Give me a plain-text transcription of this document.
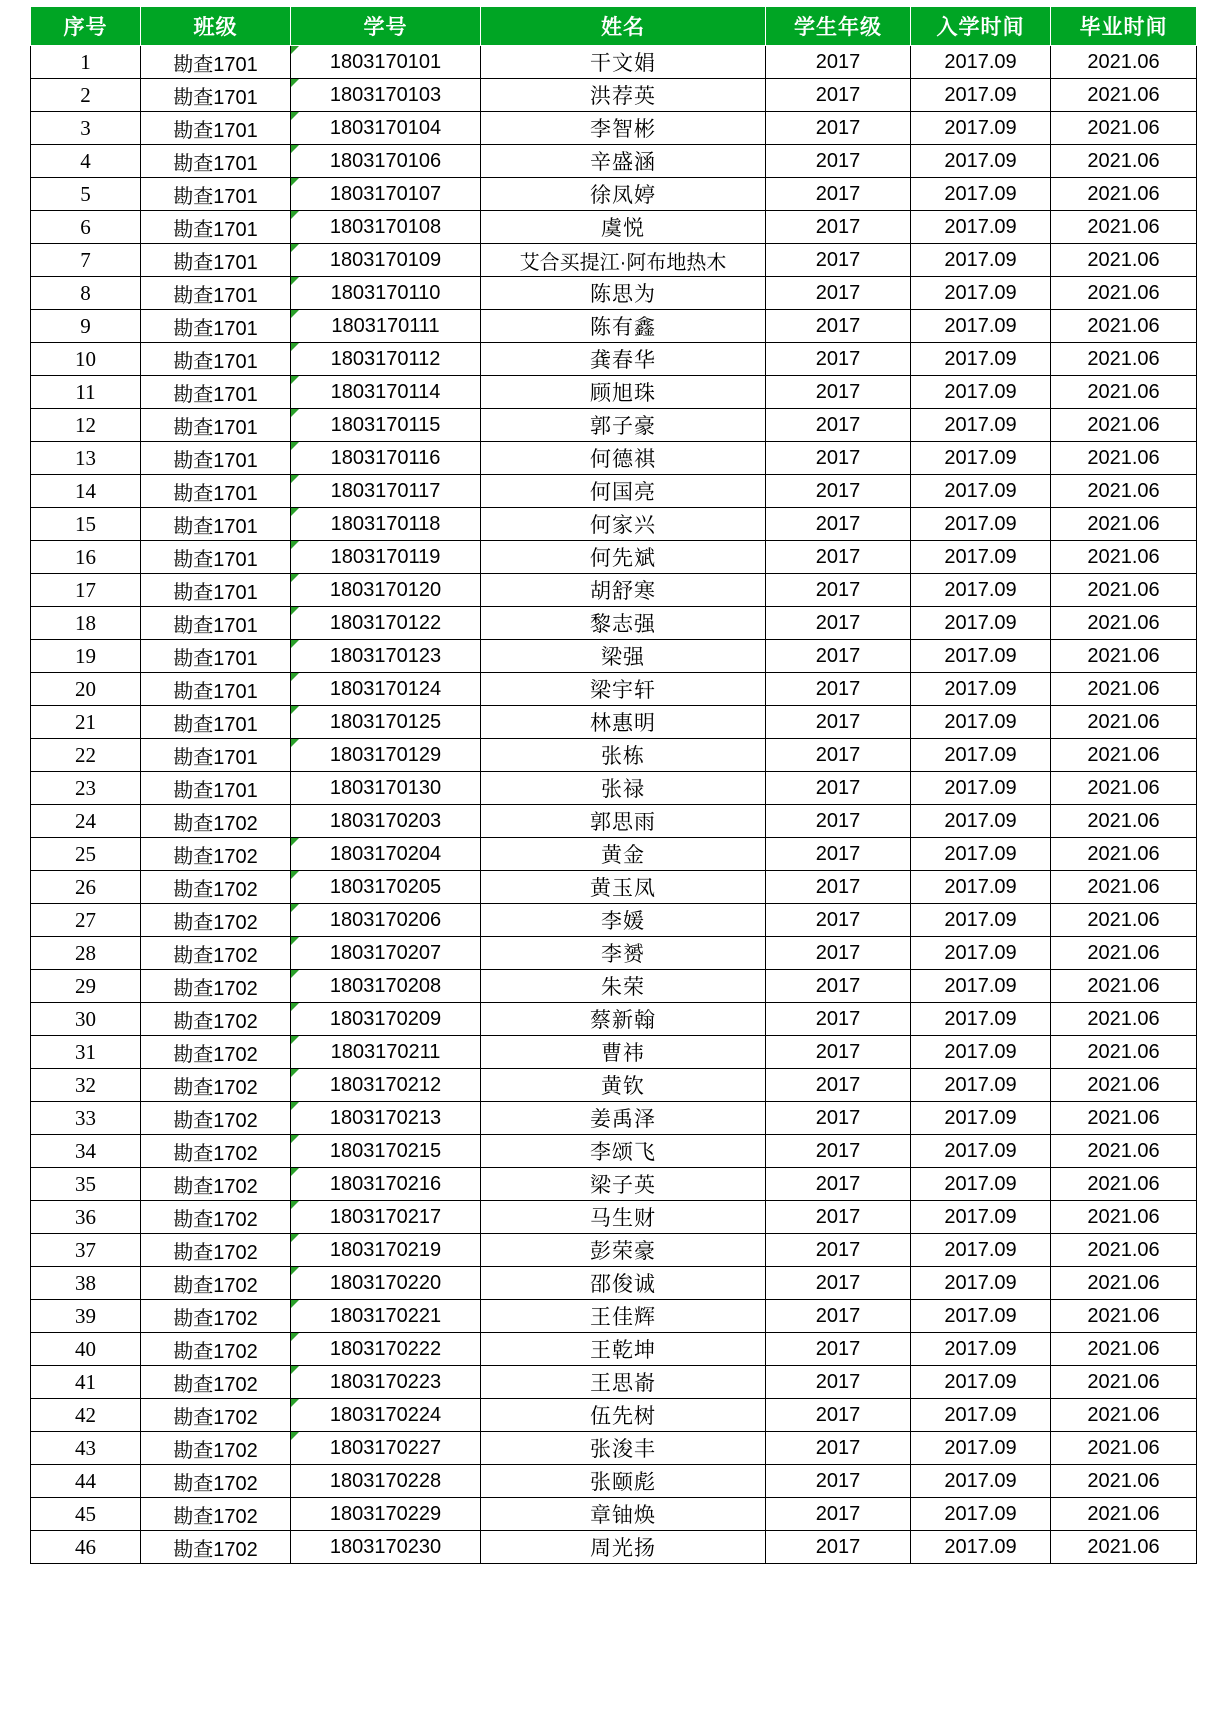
序号	班级	学号	姓名	学生年级	入学时间	毕业时间
1	勘查1701	1803170101	干文娟	2017	2017.09	2021.06
2	勘查1701	1803170103	洪荐英	2017	2017.09	2021.06
3	勘查1701	1803170104	李智彬	2017	2017.09	2021.06
4	勘查1701	1803170106	辛盛涵	2017	2017.09	2021.06
5	勘查1701	1803170107	徐凤婷	2017	2017.09	2021.06
6	勘查1701	1803170108	虞悦	2017	2017.09	2021.06
7	勘查1701	1803170109	艾合买提江·阿布地热木	2017	2017.09	2021.06
8	勘查1701	1803170110	陈思为	2017	2017.09	2021.06
9	勘查1701	1803170111	陈有鑫	2017	2017.09	2021.06
10	勘查1701	1803170112	龚春华	2017	2017.09	2021.06
11	勘查1701	1803170114	顾旭珠	2017	2017.09	2021.06
12	勘查1701	1803170115	郭子豪	2017	2017.09	2021.06
13	勘查1701	1803170116	何德祺	2017	2017.09	2021.06
14	勘查1701	1803170117	何国亮	2017	2017.09	2021.06
15	勘查1701	1803170118	何家兴	2017	2017.09	2021.06
16	勘查1701	1803170119	何先斌	2017	2017.09	2021.06
17	勘查1701	1803170120	胡舒寒	2017	2017.09	2021.06
18	勘查1701	1803170122	黎志强	2017	2017.09	2021.06
19	勘查1701	1803170123	梁强	2017	2017.09	2021.06
20	勘查1701	1803170124	梁宇轩	2017	2017.09	2021.06
21	勘查1701	1803170125	林惠明	2017	2017.09	2021.06
22	勘查1701	1803170129	张栋	2017	2017.09	2021.06
23	勘查1701	1803170130	张禄	2017	2017.09	2021.06
24	勘查1702	1803170203	郭思雨	2017	2017.09	2021.06
25	勘查1702	1803170204	黄金	2017	2017.09	2021.06
26	勘查1702	1803170205	黄玉凤	2017	2017.09	2021.06
27	勘查1702	1803170206	李媛	2017	2017.09	2021.06
28	勘查1702	1803170207	李赟	2017	2017.09	2021.06
29	勘查1702	1803170208	朱荣	2017	2017.09	2021.06
30	勘查1702	1803170209	蔡新翰	2017	2017.09	2021.06
31	勘查1702	1803170211	曹祎	2017	2017.09	2021.06
32	勘查1702	1803170212	黄钦	2017	2017.09	2021.06
33	勘查1702	1803170213	姜禹泽	2017	2017.09	2021.06
34	勘查1702	1803170215	李颂飞	2017	2017.09	2021.06
35	勘查1702	1803170216	梁子英	2017	2017.09	2021.06
36	勘查1702	1803170217	马生财	2017	2017.09	2021.06
37	勘查1702	1803170219	彭荣豪	2017	2017.09	2021.06
38	勘查1702	1803170220	邵俊诚	2017	2017.09	2021.06
39	勘查1702	1803170221	王佳辉	2017	2017.09	2021.06
40	勘查1702	1803170222	王乾坤	2017	2017.09	2021.06
41	勘查1702	1803170223	王思嵛	2017	2017.09	2021.06
42	勘查1702	1803170224	伍先树	2017	2017.09	2021.06
43	勘查1702	1803170227	张浚丰	2017	2017.09	2021.06
44	勘查1702	1803170228	张颐彪	2017	2017.09	2021.06
45	勘查1702	1803170229	章铀焕	2017	2017.09	2021.06
46	勘查1702	1803170230	周光扬	2017	2017.09	2021.06
